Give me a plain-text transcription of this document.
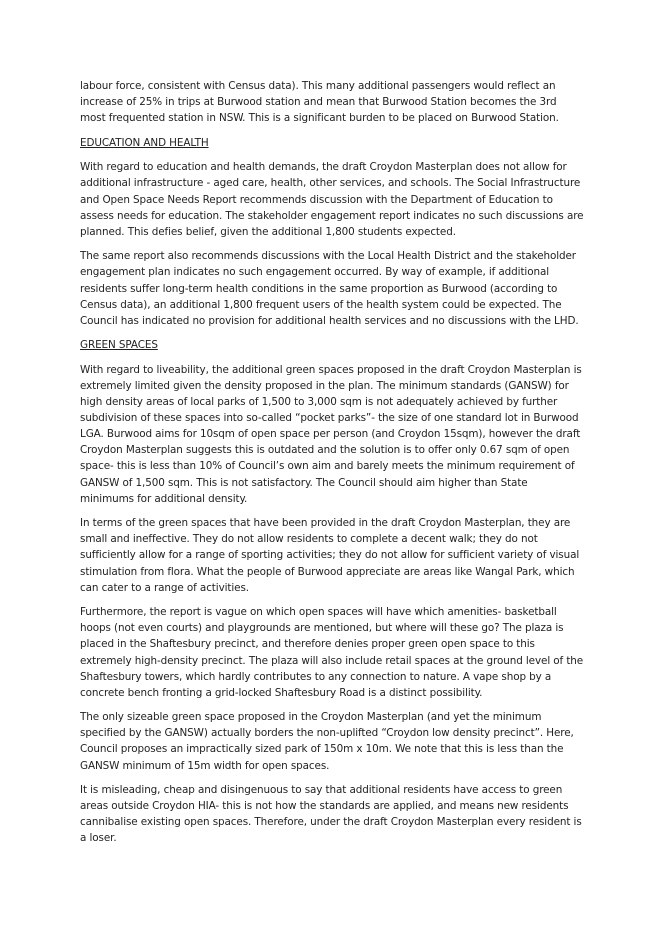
labour force, consistent with Census data). This many additional passengers would reflect an increase of 25% in trips at Burwood station and mean that Burwood Station becomes the 3rd most frequented station in NSW. This is a significant burden to be placed on Burwood Station.

EDUCATION AND HEALTH

With regard to education and health demands, the draft Croydon Masterplan does not allow for additional infrastructure - aged care, health, other services, and schools. The Social Infrastructure and Open Space Needs Report recommends discussion with the Department of Education to assess needs for education. The stakeholder engagement report indicates no such discussions are planned. This defies belief, given the additional 1,800 students expected.

The same report also recommends discussions with the Local Health District and the stakeholder engagement plan indicates no such engagement occurred. By way of example, if additional residents suffer long-term health conditions in the same proportion as Burwood (according to Census data), an additional 1,800 frequent users of the health system could be expected. The Council has indicated no provision for additional health services and no discussions with the LHD.

GREEN SPACES

With regard to liveability, the additional green spaces proposed in the draft Croydon Masterplan is extremely limited given the density proposed in the plan. The minimum standards (GANSW) for high density areas of local parks of 1,500 to 3,000 sqm is not adequately achieved by further subdivision of these spaces into so-called “pocket parks”- the size of one standard lot in Burwood LGA. Burwood aims for 10sqm of open space per person (and Croydon 15sqm), however the draft Croydon Masterplan suggests this is outdated and the solution is to offer only 0.67 sqm of open space- this is less than 10% of Council’s own aim and barely meets the minimum requirement of GANSW of 1,500 sqm. This is not satisfactory. The Council should aim higher than State minimums for additional density.

In terms of the green spaces that have been provided in the draft Croydon Masterplan, they are small and ineffective. They do not allow residents to complete a decent walk; they do not sufficiently allow for a range of sporting activities; they do not allow for sufficient variety of visual stimulation from flora. What the people of Burwood appreciate are areas like Wangal Park, which can cater to a range of activities.

Furthermore, the report is vague on which open spaces will have which amenities- basketball hoops (not even courts) and playgrounds are mentioned, but where will these go? The plaza is placed in the Shaftesbury precinct, and therefore denies proper green open space to this extremely high-density precinct. The plaza will also include retail spaces at the ground level of the Shaftesbury towers, which hardly contributes to any connection to nature. A vape shop by a concrete bench fronting a grid-locked Shaftesbury Road is a distinct possibility.

The only sizeable green space proposed in the Croydon Masterplan (and yet the minimum specified by the GANSW) actually borders the non-uplifted “Croydon low density precinct”. Here, Council proposes an impractically sized park of 150m x 10m. We note that this is less than the GANSW minimum of 15m width for open spaces.

It is misleading, cheap and disingenuous to say that additional residents have access to green areas outside Croydon HIA- this is not how the standards are applied, and means new residents cannibalise existing open spaces. Therefore, under the draft Croydon Masterplan every resident is a loser.
